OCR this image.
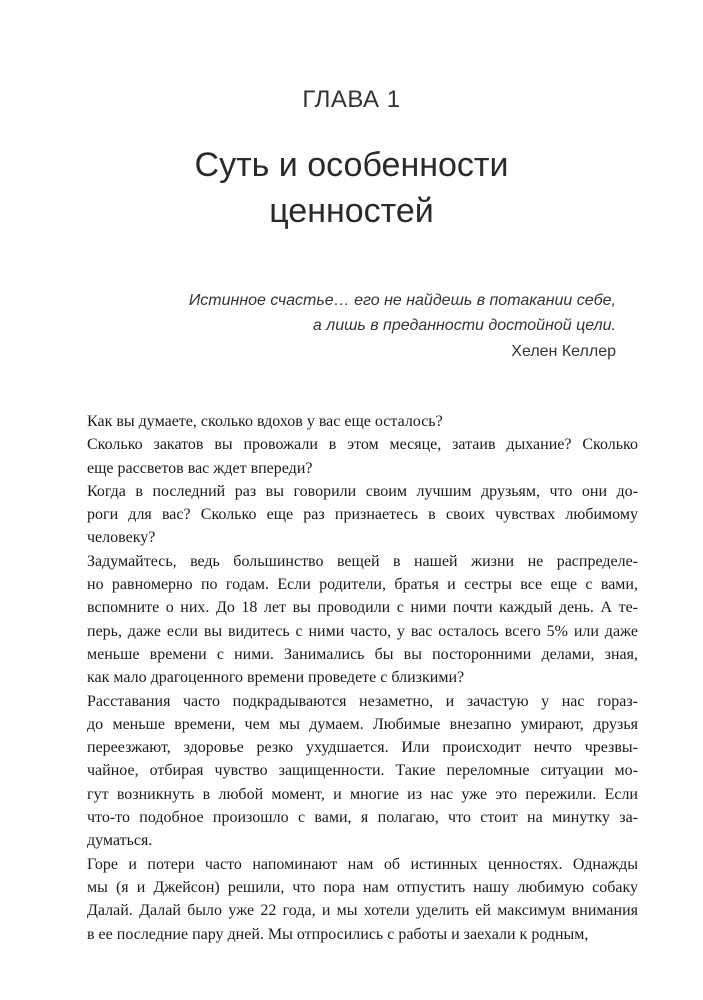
ГЛАВА 1
Суть и особенности
ценностей
Истинное счастье… его не найдешь в потакании себе,
а лишь в преданности достойной цели.
Хелен Келлер

Как вы думаете, сколько вдохов у вас еще осталось?

Сколько закатов вы провожали в этом месяце, затаив дыхание? Сколько
еще рассветов вас ждет впереди?

Когда в последний раз вы говорили своим лучшим друзьям, что они до-
роги для вас? Сколько еще раз признаетесь в своих чувствах любимому
человеку?

Задумайтесь, ведь большинство вещей в нашей жизни не распределе-
но равномерно по годам. Если родители, братья и сестры все еще с вами,
вспомните о них. До 18 лет вы проводили с ними почти каждый день. А те-
перь, даже если вы видитесь с ними часто, у вас осталось всего 5% или даже
меньше времени с ними. Занимались бы вы посторонними делами, зная,
как мало драгоценного времени проведете с близкими?

Расставания часто подкрадываются незаметно, и зачастую у нас гораз-
до меньше времени, чем мы думаем. Любимые внезапно умирают, друзья
переезжают, здоровье резко ухудшается. Или происходит нечто чрезвы-
чайное, отбирая чувство защищенности. Такие переломные ситуации мо-
гут возникнуть в любой момент, и многие из нас уже это пережили. Если
что-то подобное произошло с вами, я полагаю, что стоит на минутку за-
думаться.

Горе и потери часто напоминают нам об истинных ценностях. Однажды
мы (я и Джейсон) решили, что пора нам отпустить нашу любимую собаку
Далай. Далай было уже 22 года, и мы хотели уделить ей максимум внимания
в ее последние пару дней. Мы отпросились с работы и заехали к родным,
